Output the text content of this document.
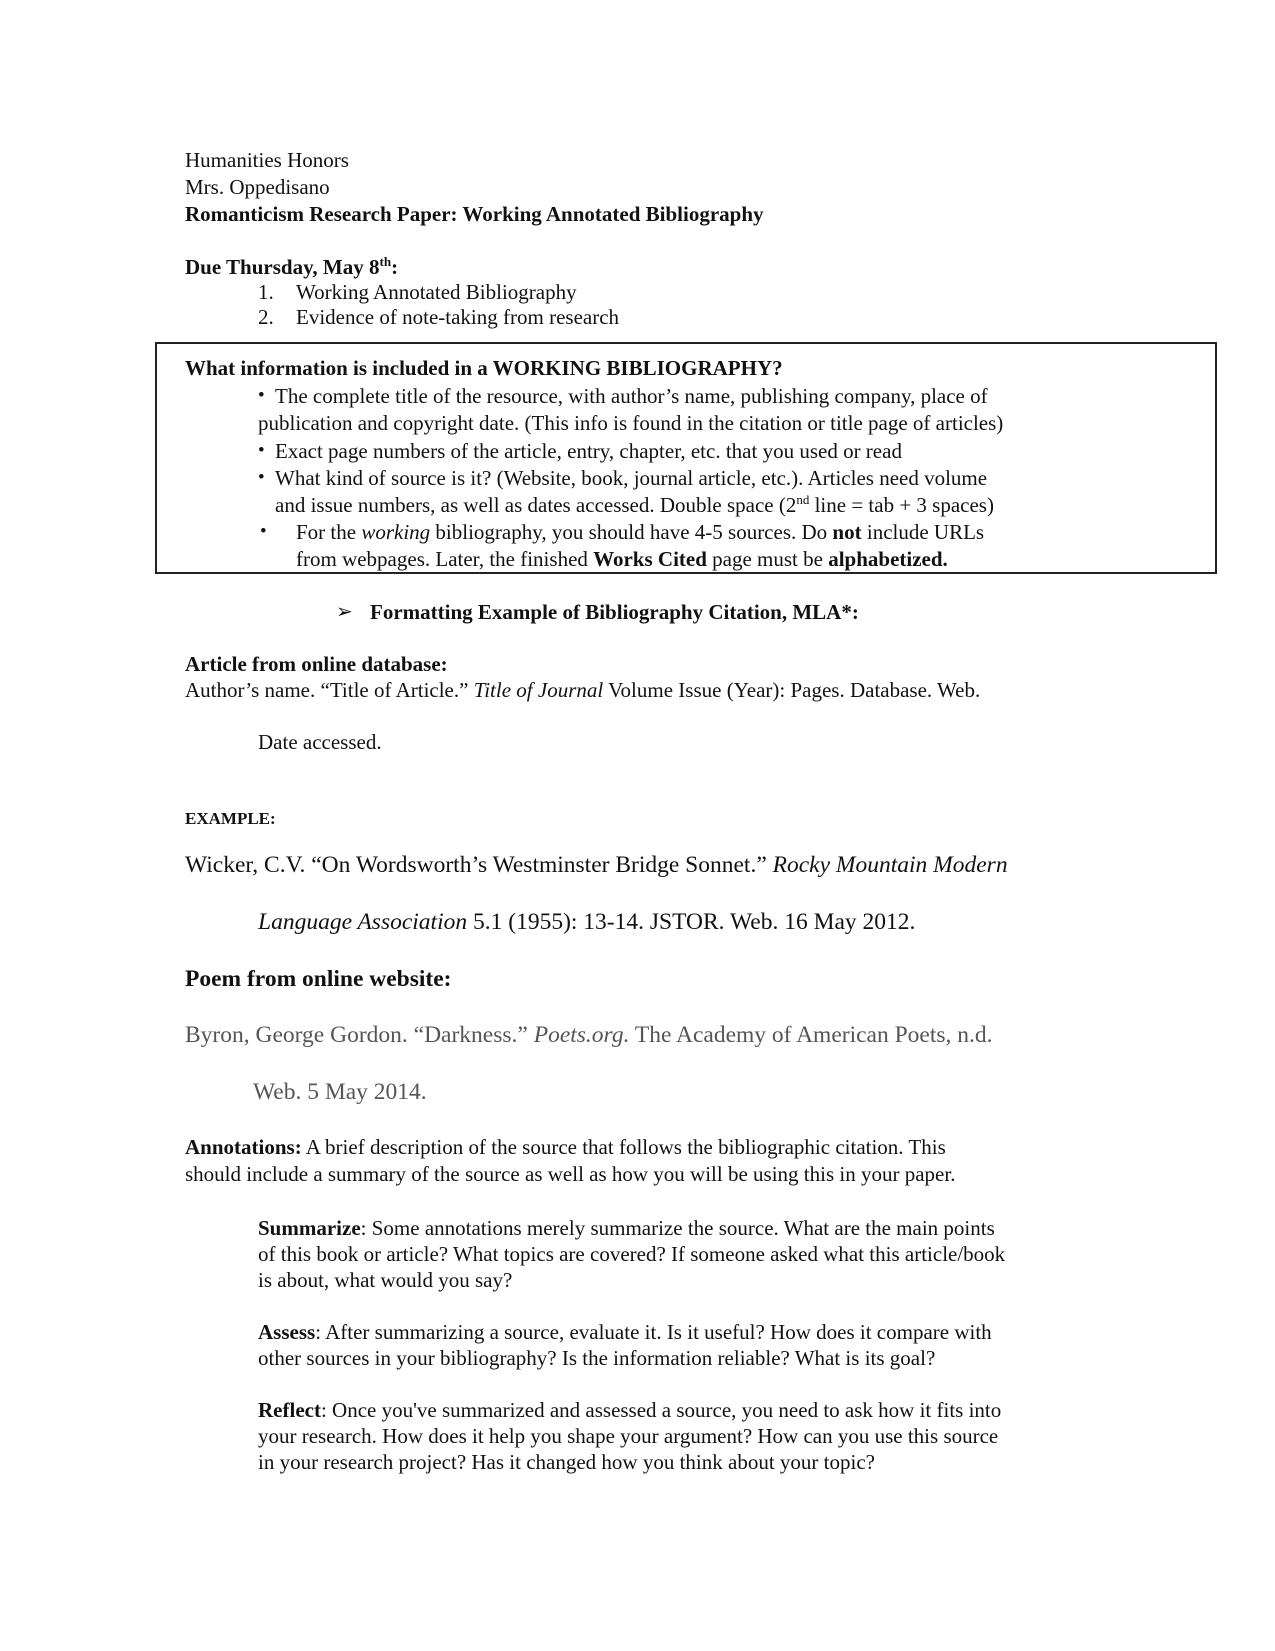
Humanities Honors
Mrs. Oppedisano
Romanticism Research Paper: Working Annotated Bibliography
Due Thursday, May 8th:
1. Working Annotated Bibliography
2. Evidence of note-taking from research
What information is included in a WORKING BIBLIOGRAPHY?
• The complete title of the resource, with author’s name, publishing company, place of
publication and copyright date. (This info is found in the citation or title page of articles)
• Exact page numbers of the article, entry, chapter, etc. that you used or read
• What kind of source is it? (Website, book, journal article, etc.). Articles need volume
and issue numbers, as well as dates accessed. Double space (2nd line = tab + 3 spaces)
• For the working bibliography, you should have 4-5 sources. Do not include URLs
from webpages. Later, the finished Works Cited page must be alphabetized.
➢ Formatting Example of Bibliography Citation, MLA*:
Article from online database:
Author’s name. “Title of Article.” Title of Journal Volume Issue (Year): Pages. Database. Web.
Date accessed.
EXAMPLE:
Wicker, C.V. “On Wordsworth’s Westminster Bridge Sonnet.” Rocky Mountain Modern
Language Association 5.1 (1955): 13-14. JSTOR. Web. 16 May 2012.
Poem from online website:
Byron, George Gordon. “Darkness.” Poets.org. The Academy of American Poets, n.d.
Web. 5 May 2014.
Annotations: A brief description of the source that follows the bibliographic citation. This
should include a summary of the source as well as how you will be using this in your paper.
Summarize: Some annotations merely summarize the source. What are the main points
of this book or article? What topics are covered? If someone asked what this article/book
is about, what would you say?
Assess: After summarizing a source, evaluate it. Is it useful? How does it compare with
other sources in your bibliography? Is the information reliable? What is its goal?
Reflect: Once you've summarized and assessed a source, you need to ask how it fits into
your research. How does it help you shape your argument? How can you use this source
in your research project? Has it changed how you think about your topic?
